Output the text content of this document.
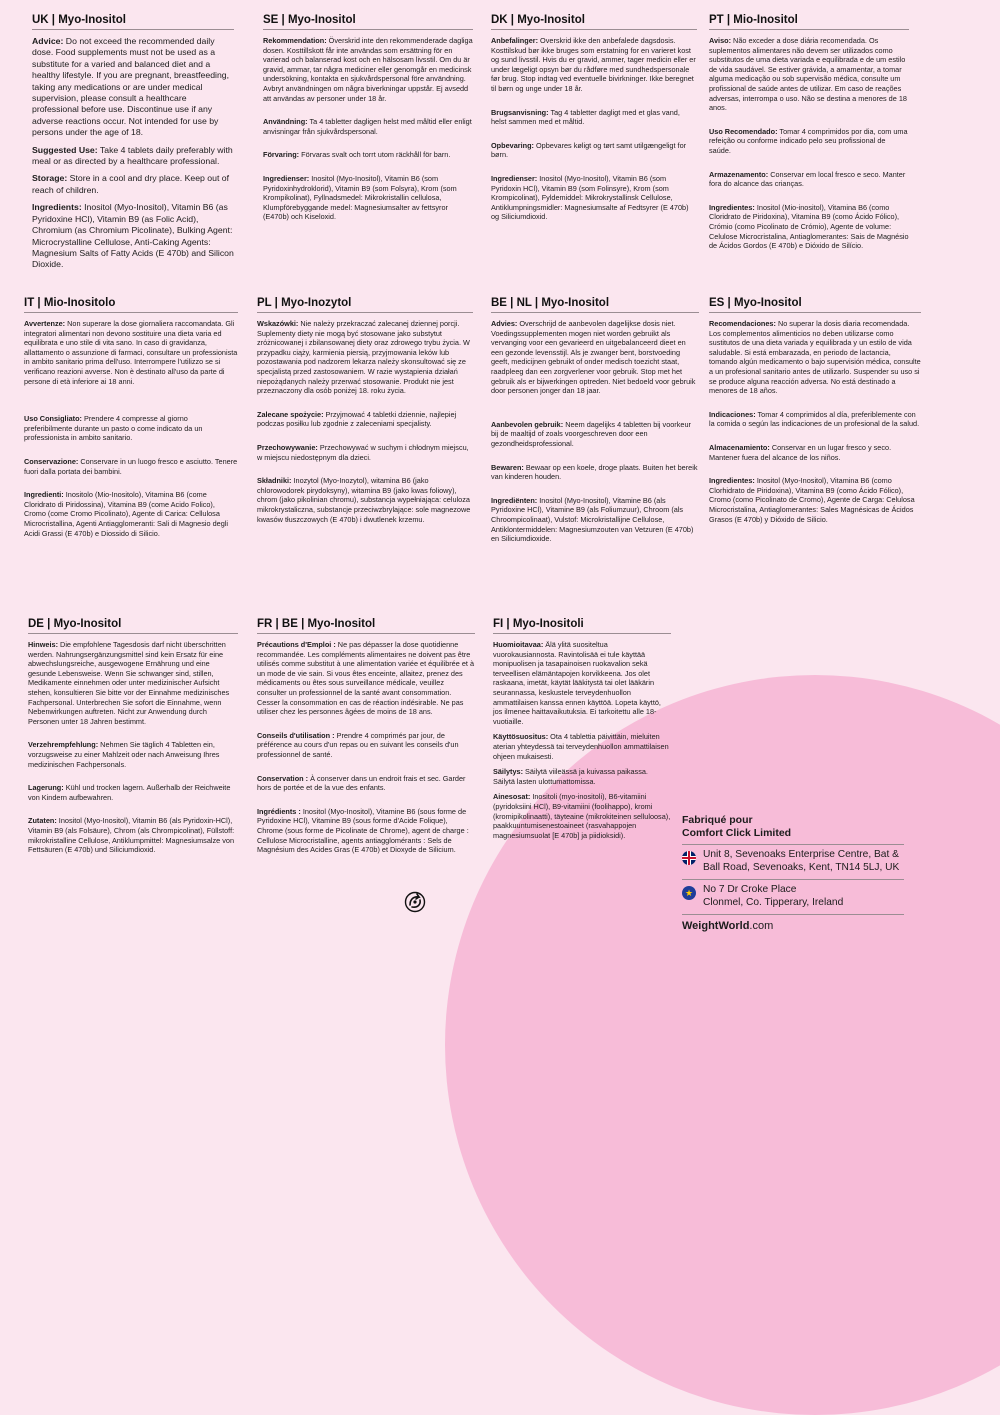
UK | Myo-Inositol

Advice: Do not exceed the recommended daily dose. Food supplements must not be used as a substitute for a varied and balanced diet and a healthy lifestyle. If you are pregnant, breastfeeding, taking any medications or are under medical supervision, please consult a healthcare professional before use. Discontinue use if any adverse reactions occur. Not intended for use by persons under the age of 18.

Suggested Use: Take 4 tablets daily preferably with meal or as directed by a healthcare professional.

Storage: Store in a cool and dry place. Keep out of reach of children.

Ingredients: Inositol (Myo-Inositol), Vitamin B6 (as Pyridoxine HCl), Vitamin B9 (as Folic Acid), Chromium (as Chromium Picolinate), Bulking Agent: Microcrystalline Cellulose, Anti-Caking Agents: Magnesium Salts of Fatty Acids (E 470b) and Silicon Dioxide.

SE | Myo-Inositol

Rekommendation: Överskrid inte den rekommenderade dagliga dosen. Kosttillskott får inte användas som ersättning för en varierad och balanserad kost och en hälsosam livsstil. Om du är gravid, ammar, tar några mediciner eller genomgår en medicinsk undersökning, kontakta en sjukvårdspersonal före användning. Avbryt användningen om några biverkningar uppstår. Ej avsedd att användas av personer under 18 år.

Användning: Ta 4 tabletter dagligen helst med måltid eller enligt anvisningar från sjukvårdspersonal.

Förvaring: Förvaras svalt och torrt utom räckhåll för barn.

Ingredienser: Inositol (Myo-Inositol), Vitamin B6 (som Pyridoxinhydroklorid), Vitamin B9 (som Folsyra), Krom (som Krompikolinat), Fyllnadsmedel: Mikrokristallin cellulosa, Klumpförebyggande medel: Magnesiumsalter av fettsyror (E470b) och Kiseloxid.

DK | Myo-Inositol

Anbefalinger: Overskrid ikke den anbefalede dagsdosis. Kosttilskud bør ikke bruges som erstatning for en varieret kost og sund livsstil. Hvis du er gravid, ammer, tager medicin eller er under lægeligt opsyn bør du rådføre med sundhedspersonale før brug. Stop indtag ved eventuelle bivirkninger. Ikke beregnet til børn og unge under 18 år.

Brugsanvisning: Tag 4 tabletter dagligt med et glas vand, helst sammen med et måltid.

Opbevaring: Opbevares køligt og tørt samt utilgængeligt for børn.

Ingredienser: Inositol (Myo-Inositol), Vitamin B6 (som Pyridoxin HCl), Vitamin B9 (som Folinsyre), Krom (som Krompicolinat), Fyldemiddel: Mikrokrystallinsk Cellulose, Antiklumpningsmidler: Magnesiumsalte af Fedtsyrer (E 470b) og Siliciumdioxid.

PT | Mio-Inositol

Aviso: Não exceder a dose diária recomendada. Os suplementos alimentares não devem ser utilizados como substitutos de uma dieta variada e equilibrada e de um estilo de vida saudável. Se estiver grávida, a amamentar, a tomar alguma medicação ou sob supervisão médica, consulte um profissional de saúde antes de utilizar. Em caso de reações adversas, interrompa o uso. Não se destina a menores de 18 anos.

Uso Recomendado: Tomar 4 comprimidos por dia, com uma refeição ou conforme indicado pelo seu profissional de saúde.

Armazenamento: Conservar em local fresco e seco. Manter fora do alcance das crianças.

Ingredientes: Inositol (Mio-inositol), Vitamina B6 (como Cloridrato de Piridoxina), Vitamina B9 (como Ácido Fólico), Crómio (como Picolinato de Crómio), Agente de volume: Celulose Microcristalina, Antiaglomerantes: Sais de Magnésio de Ácidos Gordos (E 470b) e Dióxido de Silício.

IT | Mio-Inositolo

Avvertenze: Non superare la dose giornaliera raccomandata. Gli integratori alimentari non devono sostituire una dieta varia ed equilibrata e uno stile di vita sano. In caso di gravidanza, allattamento o assunzione di farmaci, consultare un professionista in ambito sanitario prima dell'uso. Interrompere l'utilizzo se si verificano reazioni avverse. Non è destinato all'uso da parte di persone di età inferiore ai 18 anni.

Uso Consigliato: Prendere 4 compresse al giorno preferibilmente durante un pasto o come indicato da un professionista in ambito sanitario.

Conservazione: Conservare in un luogo fresco e asciutto. Tenere fuori dalla portata dei bambini.

Ingredienti: Inositolo (Mio-Inositolo), Vitamina B6 (come Cloridrato di Piridossina), Vitamina B9 (come Acido Folico), Cromo (come Cromo Picolinato), Agente di Carica: Cellulosa Microcristallina, Agenti Antiagglomeranti: Sali di Magnesio degli Acidi Grassi (E 470b) e Diossido di Silicio.

PL | Myo-Inozytol

Wskazówki: Nie należy przekraczać zalecanej dziennej porcji. Suplementy diety nie mogą być stosowane jako substytut zróżnicowanej i zbilansowanej diety oraz zdrowego trybu życia. W przypadku ciąży, karmienia piersią, przyjmowania leków lub pozostawania pod nadzorem lekarza należy skonsultować się ze specjalistą przed zastosowaniem. W razie wystąpienia działań niepożądanych należy przerwać stosowanie. Produkt nie jest przeznaczony dla osób poniżej 18. roku życia.

Zalecane spożycie: Przyjmować 4 tabletki dziennie, najlepiej podczas posiłku lub zgodnie z zaleceniami specjalisty.

Przechowywanie: Przechowywać w suchym i chłodnym miejscu, w miejscu niedostępnym dla dzieci.

Składniki: Inozytol (Myo-Inozytol), witamina B6 (jako chlorowodorek pirydoksyny), witamina B9 (jako kwas foliowy), chrom (jako pikolinian chromu), substancja wypełniająca: celuloza mikrokrystaliczna, substancje przeciwzbrylające: sole magnezowe kwasów tłuszczowych (E 470b) i dwutlenek krzemu.

BE | NL | Myo-Inositol

Advies: Overschrijd de aanbevolen dagelijkse dosis niet. Voedingssupplementen mogen niet worden gebruikt als vervanging voor een gevarieerd en uitgebalanceerd dieet en een gezonde levensstijl. Als je zwanger bent, borstvoeding geeft, medicijnen gebruikt of onder medisch toezicht staat, raadpleeg dan een zorgverlener voor gebruik. Stop met het gebruik als er bijwerkingen optreden. Niet bedoeld voor gebruik door personen jonger dan 18 jaar.

Aanbevolen gebruik: Neem dagelijks 4 tabletten bij voorkeur bij de maaltijd of zoals voorgeschreven door een gezondheidsprofessional.

Bewaren: Bewaar op een koele, droge plaats. Buiten het bereik van kinderen houden.

Ingrediënten: Inositol (Myo-Inositol), Vitamine B6 (als Pyridoxine HCl), Vitamine B9 (als Foliumzuur), Chroom (als Chroompicolinaat), Vulstof: Microkristallijne Cellulose, Antiklontermiddelen: Magnesiumzouten van Vetzuren (E 470b) en Siliciumdioxide.

ES | Myo-Inositol

Recomendaciones: No superar la dosis diaria recomendada. Los complementos alimenticios no deben utilizarse como sustitutos de una dieta variada y equilibrada y un estilo de vida saludable. Si está embarazada, en periodo de lactancia, tomando algún medicamento o bajo supervisión médica, consulte a un profesional sanitario antes de utilizarlo. Suspender su uso si se produce alguna reacción adversa. No está destinado a menores de 18 años.

Indicaciones: Tomar 4 comprimidos al día, preferiblemente con la comida o según las indicaciones de un profesional de la salud.

Almacenamiento: Conservar en un lugar fresco y seco. Mantener fuera del alcance de los niños.

Ingredientes: Inositol (Myo-Inositol), Vitamina B6 (como Clorhidrato de Piridoxina), Vitamina B9 (como Ácido Fólico), Cromo (como Picolinato de Cromo), Agente de Carga: Celulosa Microcristalina, Antiaglomerantes: Sales Magnésicas de Ácidos Grasos (E 470b) y Dióxido de Silicio.

DE | Myo-Inositol

Hinweis: Die empfohlene Tagesdosis darf nicht überschritten werden. Nahrungsergänzungsmittel sind kein Ersatz für eine abwechslungsreiche, ausgewogene Ernährung und eine gesunde Lebensweise. Wenn Sie schwanger sind, stillen, Medikamente einnehmen oder unter medizinischer Aufsicht stehen, konsultieren Sie bitte vor der Einnahme medizinisches Fachpersonal. Unterbrechen Sie sofort die Einnahme, wenn Nebenwirkungen auftreten. Nicht zur Anwendung durch Personen unter 18 Jahren bestimmt.

Verzehrempfehlung: Nehmen Sie täglich 4 Tabletten ein, vorzugsweise zu einer Mahlzeit oder nach Anweisung Ihres medizinischen Fachpersonals.

Lagerung: Kühl und trocken lagern. Außerhalb der Reichweite von Kindern aufbewahren.

Zutaten: Inositol (Myo-Inositol), Vitamin B6 (als Pyridoxin-HCl), Vitamin B9 (als Folsäure), Chrom (als Chrompicolinat), Füllstoff: mikrokristalline Cellulose, Antiklumpmittel: Magnesiumsalze von Fettsäuren (E 470b) und Siliciumdioxid.

FR | BE | Myo-Inositol

Précautions d'Emploi : Ne pas dépasser la dose quotidienne recommandée. Les compléments alimentaires ne doivent pas être utilisés comme substitut à une alimentation variée et équilibrée et à un mode de vie sain. Si vous êtes enceinte, allaitez, prenez des médicaments ou êtes sous surveillance médicale, veuillez consulter un professionnel de la santé avant consommation. Cesser la consommation en cas de réaction indésirable. Ne pas utiliser chez les personnes âgées de moins de 18 ans.

Conseils d'utilisation : Prendre 4 comprimés par jour, de préférence au cours d'un repas ou en suivant les conseils d'un professionnel de santé.

Conservation : À conserver dans un endroit frais et sec. Garder hors de portée et de la vue des enfants.

Ingrédients : Inositol (Myo-Inositol), Vitamine B6 (sous forme de Pyridoxine HCl), Vitamine B9 (sous forme d'Acide Folique), Chrome (sous forme de Picolinate de Chrome), agent de charge : Cellulose Microcristalline, agents antiagglomérants : Sels de Magnésium des Acides Gras (E 470b) et Dioxyde de Silicium.

FI | Myo-Inositoli

Huomioitavaa: Älä ylitä suositeltua vuorokausiannosta. Ravintolisää ei tule käyttää monipuolisen ja tasapainoisen ruokavalion sekä terveellisen elämäntapojen korvikkeena. Jos olet raskaana, imetät, käytät lääkitystä tai olet lääkärin seurannassa, keskustele terveydenhuollon ammattilaisen kanssa ennen käyttöä. Lopeta käyttö, jos ilmenee haittavaikutuksia. Ei tarkoitettu alle 18-vuotiaille.

Käyttösuositus: Ota 4 tablettia päivittäin, mieluiten aterian yhteydessä tai terveydenhuollon ammattilaisen ohjeen mukaisesti.

Säilytys: Säilytä viileässä ja kuivassa paikassa. Säilytä lasten ulottumattomissa.

Ainesosat: Inositoli (myo-inositoli), B6-vitamiini (pyridoksiini HCl), B9-vitamiini (foolihappo), kromi (kromipikolinaatti), täyteaine (mikrokiteinen selluloosa), paakkuuntumisenestoaineet (rasvahappojen magnesiumsuolat [E 470b] ja piidioksidi).

Fabriqué pour
Comfort Click Limited
Unit 8, Sevenoaks Enterprise Centre, Bat & Ball Road, Sevenoaks, Kent, TN14 5LJ, UK
★
No 7 Dr Croke Place
Clonmel, Co. Tipperary, Ireland
WeightWorld.com
